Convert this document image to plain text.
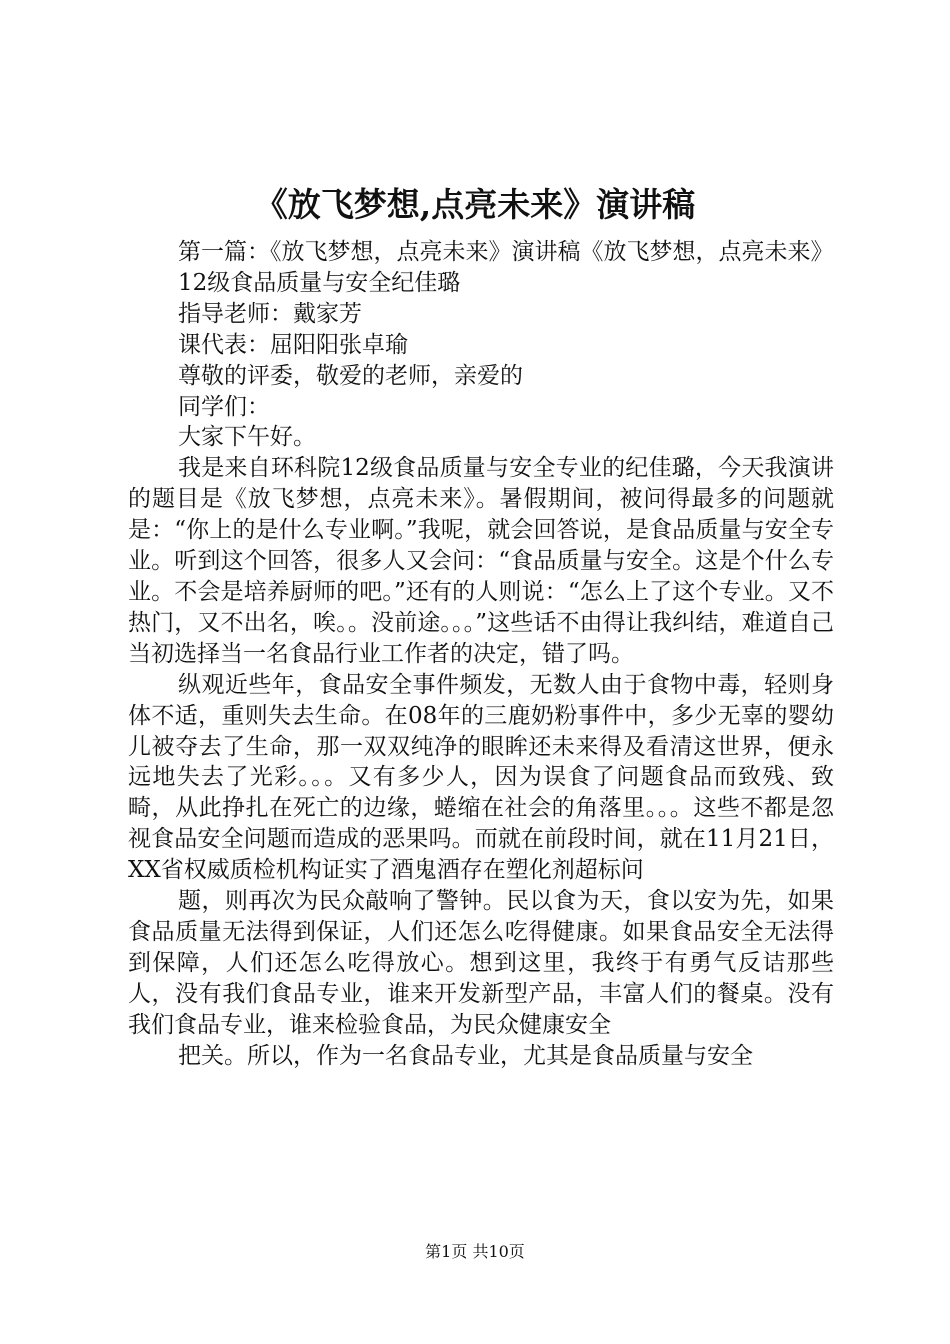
《放飞梦想,点亮未来》演讲稿

第一篇：《放飞梦想，点亮未来》演讲稿《放飞梦想，点亮未来》

12级食品质量与安全纪佳璐

指导老师：戴家芳

课代表：屈阳阳张卓瑜

尊敬的评委，敬爱的老师，亲爱的

同学们：

大家下午好。

我是来自环科院12级食品质量与安全专业的纪佳璐，今天我演讲的题目是《放飞梦想，点亮未来》。暑假期间，被问得最多的问题就是：“你上的是什么专业啊。”我呢，就会回答说，是食品质量与安全专业。听到这个回答，很多人又会问：“食品质量与安全。这是个什么专业。不会是培养厨师的吧。”还有的人则说：“怎么上了这个专业。又不热门，又不出名，唉。。没前途。。。”这些话不由得让我纠结，难道自己当初选择当一名食品行业工作者的决定，错了吗。

纵观近些年，食品安全事件频发，无数人由于食物中毒，轻则身体不适，重则失去生命。在08年的三鹿奶粉事件中，多少无辜的婴幼儿被夺去了生命，那一双双纯净的眼眸还未来得及看清这世界，便永远地失去了光彩。。。又有多少人，因为误食了问题食品而致残、致畸，从此挣扎在死亡的边缘，蜷缩在社会的角落里。。。这些不都是忽视食品安全问题而造成的恶果吗。而就在前段时间，就在11月21日，XX省权威质检机构证实了酒鬼酒存在塑化剂超标问

题，则再次为民众敲响了警钟。民以食为天，食以安为先，如果食品质量无法得到保证，人们还怎么吃得健康。如果食品安全无法得到保障，人们还怎么吃得放心。想到这里，我终于有勇气反诘那些人，没有我们食品专业，谁来开发新型产品，丰富人们的餐桌。没有我们食品专业，谁来检验食品，为民众健康安全

把关。所以，作为一名食品专业，尤其是食品质量与安全

第1页 共10页
